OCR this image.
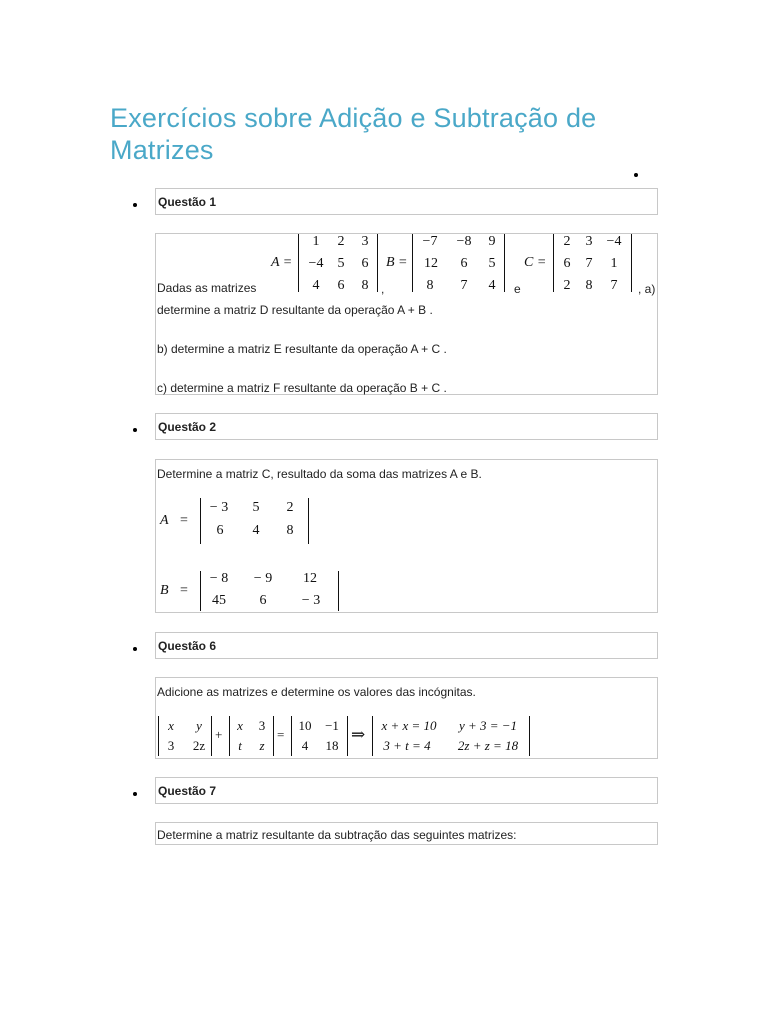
Exercícios sobre Adição e Subtração de Matrizes
Questão 1
Dadas as matrizes
A =
1	2	3
−4	5	6
4	6	8	,
B =
−7	−8	9
12	6	5
8	7	4	e
C =
2	3	−4
6	7	1
2	8	7	, a)
determine a matriz D resultante da operação A + B .
b) determine a matriz E resultante da operação A + C .
c) determine a matriz F resultante da operação B + C .
Questão 2
Determine a matriz C, resultado da soma das matrizes A e B.
A =
− 3	5	2
6	4	8
B =
− 8	− 9	12
45	6	− 3
Questão 6
Adicione as matrizes e determine os valores das incógnitas.
x	y
3	2z
+
x	3
t	z
=
10	−1
4	18
⇒	x + x = 10	y + 3 = −1
3 + t = 4	2z + z = 18
Questão 7
Determine a matriz resultante da subtração das seguintes matrizes:
